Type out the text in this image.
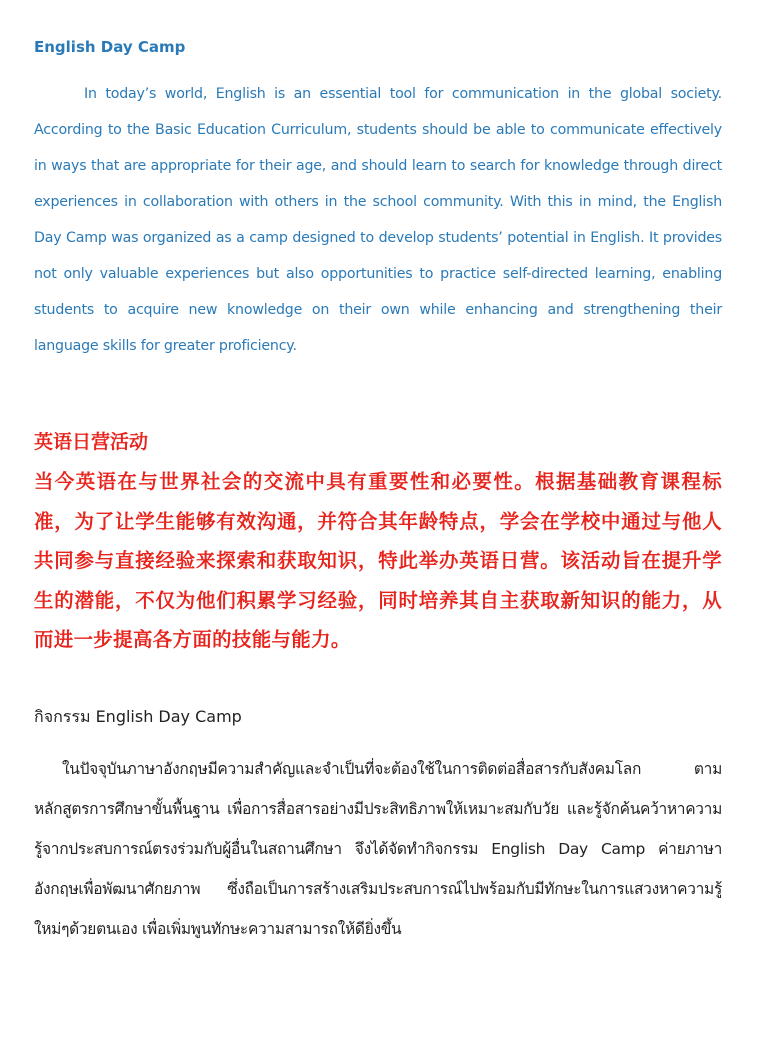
English Day Camp
In today’s world, English is an essential tool for communication in the global society. According to the Basic Education Curriculum, students should be able to communicate effectively in ways that are appropriate for their age, and should learn to search for knowledge through direct experiences in collaboration with others in the school community. With this in mind, the English Day Camp was organized as a camp designed to develop students’ potential in English. It provides not only valuable experiences but also opportunities to practice self-directed learning, enabling students to acquire new knowledge on their own while enhancing and strengthening their language skills for greater proficiency.
英语日营活动
当今英语在与世界社会的交流中具有重要性和必要性。根据基础教育课程标准，为了让学生能够有效沟通，并符合其年龄特点，学会在学校中通过与他人共同参与直接经验来探索和获取知识，特此举办英语日营。该活动旨在提升学生的潜能，不仅为他们积累学习经验，同时培养其自主获取新知识的能力，从而进一步提高各方面的技能与能力。
กิจกรรม English Day Camp
ในปัจจุบันภาษาอังกฤษมีความสำคัญและจำเป็นที่จะต้องใช้ในการติดต่อสื่อสารกับสังคมโลก ตามหลักสูตรการศึกษาขั้นพื้นฐาน เพื่อการสื่อสารอย่างมีประสิทธิภาพให้เหมาะสมกับวัย และรู้จักค้นคว้าหาความรู้จากประสบการณ์ตรงร่วมกับผู้อื่นในสถานศึกษา จึงได้จัดทำกิจกรรม English Day Camp ค่ายภาษาอังกฤษเพื่อพัฒนาศักยภาพ ซึ่งถือเป็นการสร้างเสริมประสบการณ์ไปพร้อมกับมีทักษะในการแสวงหาความรู้ใหม่ๆด้วยตนเอง เพื่อเพิ่มพูนทักษะความสามารถให้ดียิ่งขึ้น
